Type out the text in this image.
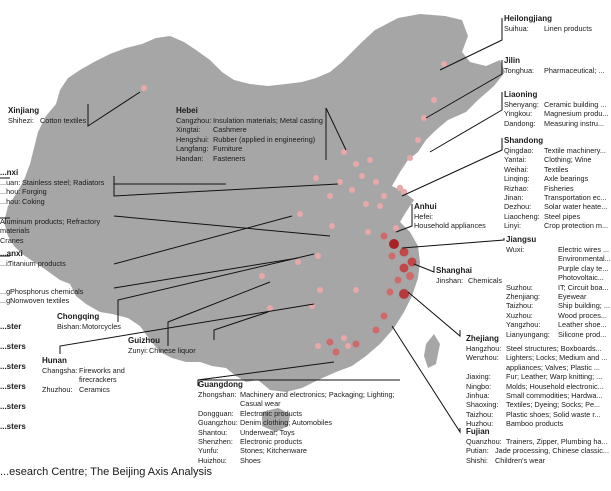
Heilongjiang
Suihua:	Linen products
Jilin
Tonghua:	Pharmaceutical; ...
Liaoning
Shenyang: Ceramic building ...
Yingkou:	Magnesium produ...
Dandong:	Measuring instru...
Shandong
Qingdao:	Textile machinery...
Yantai:	Clothing; Wine
Weihai:	Textiles
Linqing:	Axle bearings
Rizhao:	Fisheries
Jinan:	Transportation ec...
Dezhou:	Solar water heate...
Liaocheng: Steel pipes
Linyi:	Crop protection m...
Anhui
Hefei:
Household appliances
Jiangsu
Wuxi:	Electric wires ...
Environmental...
Purple clay te...
Photovoltaic...
Suzhou:	IT; Circuit boa...
Zhenjiang:	Eyewear
Taizhou:	Ship building; ...
Xuzhou:	Wood proces...
Yangzhou:	Leather shoe...
Lianyungang:	Silicone prod...
Shanghai
Jinshan: Chemicals
Zhejiang
Hangzhou: Steel structures; Boxboards...
Wenzhou: Lighters; Locks; Medium and ...
appliances; Valves; Plastic ...
Jiaxing:	Fur; Leather; Warp knitting; ...
Ningbo:	Molds; Household electronic...
Jinhua:	Small commodities; Hardwa...
Shaoxing:	Textiles; Dyeing; Socks; Pe...
Taizhou:	Plastic shoes; Solid waste r...
Huzhou:	Bamboo products
Fujian
Quanzhou: Trainers, Zipper, Plumbing ha...
Putian: Jade processing, Chinese classic...
Shishi: Children's wear
Xinjiang
Shihezi: Cotton textiles
Hebei
Cangzhou: Insulation materials; Metal casting
Xingtai:	Cashmere
Hengshui: Rubber (applied in engineering)
Langfang: Furniture
Handan:	Fasteners
...nxi
...uan: Stainless steel; Radiators
...hou: Forging
...hou: Coking
Aluminum products; Refractory
materials
Cranes
...anxi
...i:
Titanium products
...g:
Phosphorus chemicals
...g:
Nonwoven textiles
Chongqing
Bishan: Motorcycles
Guizhou
Zunyi: Chinese liquor
Hunan
Changsha: Fireworks and
firecrackers
Zhuzhou: Ceramics
Guangdong
Zhongshan: Machinery and electronics; Packaging; Lighting;
Casual wear
Dongguan: Electronic products
Guangzhou: Denim clothing; Automobiles
Shantou:	Underwear; Toys
Shenzhen: Electronic products
Yunfu:	Stones; Kitchenware
Huizhou:	Shoes
...ster
...sters
...sters
...sters
...sters
...sters
...esearch Centre; The Beijing Axis Analysis
